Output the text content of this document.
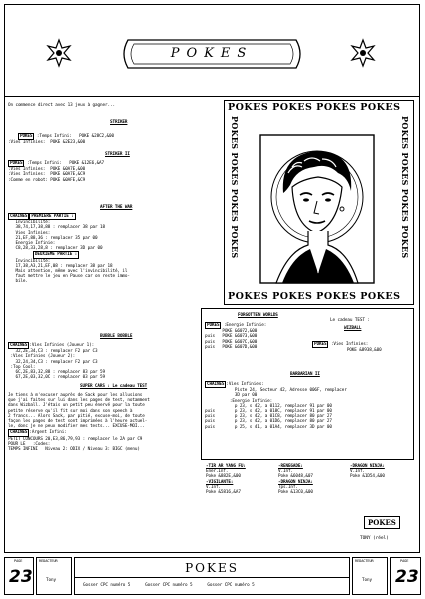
POKES
On commence direct avec 13 jeux à gagner...
STRIKER

POKES :Temps Infini:   POKE &28C2,&00
:Vies Infinies:  POKE &2E23,&00
STRIKER II
POKES :Temps Infini:   POKE &12E6,&A7
:Vies Infinies:  POKE &0A7E,&00
:Vies Infinies:  POKE &0A7E,&C9
:Comme en robot: POKE &0AFE,&C9
AFTER THE WAR
CHAINES PREMIERE PARTIE :
Invincibilité:
38,74,17,38,88 : remplacer 38 par 18
Vies Infinies:
21,EF,88,36 : remplacer 35 par 00
Energie Infinie:
C8,28,33,28,8 : remplacer 3D par 00
DEUXIEME PARTIE :
Invincibilité:
17,38,A3,21,EF,08 : remplacer 38 par 18
Mais attention, même avec l'invincibilité, il
faut mettre le jeu en Pause car on reste immo-
bile.
BUBBLE BOBBLE
CHAINES :Vies Infinies (Joueur 1):
32,2E,34,C3 : remplacer F2 par C3
:Vies Infinies (Joueur 2):
32,24,34,C3 : remplacer F2 par C3
:Top Cool:
6C,2E,83,32,88 : remplacer 83 par 59
67,2E,03,32,0C : remplacer 03 par 59
SUPER CARS : Le cadeau TEST
Je tiens à m'excuser auprès de Sack pour les allusions
que j'ai faites sur lui dans les pages de test, notamment
dans Wizball. J'étais un petit peu énervé pour la toute
petite réserve qu'il fit sur moi dans son speech à
2 francs... Alors Sack, par pitié, excuse-moi, de toute
façon les pages de test sont imprimées à l'heure actuel-
le, donc je ne peux modifier mes tests... EXCUSE-MOI...
CHAINES :Argent Infini:
PETIT CONCOURS 20,E3,86,79,93 : remplacer le 2A par C9
POUR LE   :Codes:
TEMPS INFINI   Niveau 2: ODIX / Niveau 3: BIGC (menu)
POKES POKES POKES POKES
POKES POKES POKES POKES
POKES POKES POKES POKES	POKES POKES POKES POKES
FORGOTTEN WORLDS
POKES :Energie Infinie:
POKE &6072,&00
puis POKE &6073,&00
puis POKE &607C,&00
puis POKE &607D,&00
Le cadeau TEST :
WIZBALL
POKES :Vies Infinies:
POKE &8938,&00
BARBARIAN II
CHAINES :Vies Infinies:
Piste 24, Secteur 42, Adresse 006F, remplacer
3D par 00
:Energie Infinie:
p 23, s 42, a 0112, remplacer 91 par 00
puis	p 23, s 42, a 018C, remplacer 91 par 00
puis	p 23, s 42, a 01C8, remplacer 80 par 27
puis	p 23, s 42, a 01D6, remplacer 80 par 27
puis	p 25, s 41, a 01A4, remplacer 3D par 00
-TIR AR YANG FU:
Ener.Inf.
Poke &882E,&00
-VIGILANTE:
V.Inf.
Poke &5816,&A7
-RENEGADE:
V.Inf.
Poke &6048,&07
-DRAGON NINJA:
Tps.Inf.
Poke &13C0,&00
-DRAGON NINJA:
V.Inf.
Poke &1D54,&00
POKES
TONY (réel)
PAGE
23
REDACTEUR
Tony
POKES
Gosser CPC numéro 5      Gosser CPC numéro 5      Gosser CPC numéro 5
REDACTEUR
Tony
PAGE
23
